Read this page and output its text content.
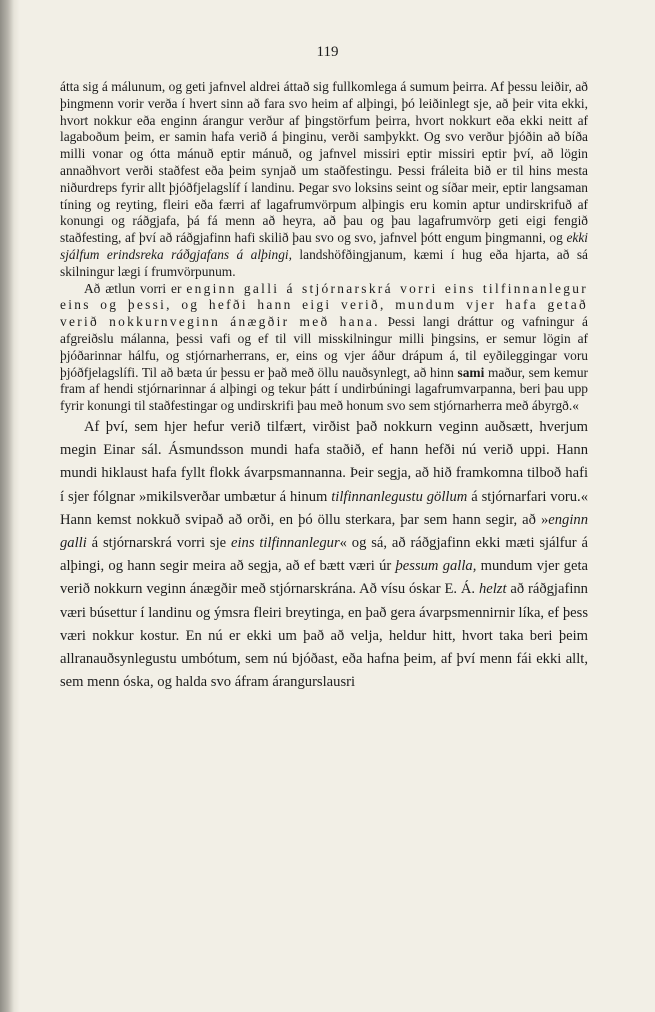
119

átta sig á málunum, og geti jafnvel aldrei áttað sig fullkomlega á sumum þeirra. Af þessu leiðir, að þingmenn vorir verða í hvert sinn að fara svo heim af alþingi, þó leiðinlegt sje, að þeir vita ekki, hvort nokkur eða enginn árangur verður af þingstörfum þeirra, hvort nokkurt eða ekki neitt af lagaboðum þeim, er samin hafa verið á þinginu, verði samþykkt. Og svo verður þjóðin að bíða milli vonar og ótta mánuð eptir mánuð, og jafnvel missiri eptir missiri eptir því, að lögin annaðhvort verði staðfest eða þeim synjað um staðfestingu. Þessi fráleita bið er til hins mesta niðurdreps fyrir allt þjóðfjelagslíf í landinu. Þegar svo loksins seint og síðar meir, eptir langsaman tíning og reyting, fleiri eða færri af lagafrumvörpum alþingis eru komin aptur undirskrifuð af konungi og ráðgjafa, þá fá menn að heyra, að þau og þau lagafrumvörp geti eigi fengið staðfesting, af því að ráðgjafinn hafi skilið þau svo og svo, jafnvel þótt engum þingmanni, og ekki sjálfum erindsreka ráðgjafans á alþingi, landshöfðingjanum, kæmi í hug eða hjarta, að sá skilningur lægi í frumvörpunum.

Að ætlun vorri er enginn galli á stjórnarskrá vorri eins tilfinnanlegur eins og þessi, og hefði hann eigi verið, mundum vjer hafa getað verið nokkurnveginn ánægðir með hana. Þessi langi dráttur og vafningur á afgreiðslu málanna, þessi vafi og ef til vill misskilningur milli þingsins, er semur lögin af þjóðarinnar hálfu, og stjórnarherrans, er, eins og vjer áður drápum á, til eyðileggingar voru þjóðfjelagslífi. Til að bæta úr þessu er það með öllu nauðsynlegt, að hinn sami maður, sem kemur fram af hendi stjórnarinnar á alþingi og tekur þátt í undirbúningi lagafrumvarpanna, beri þau upp fyrir konungi til staðfestingar og undirskrifi þau með honum svo sem stjórnarherra með ábyrgð.«

Af því, sem hjer hefur verið tilfært, virðist það nokkurn veginn auðsætt, hverjum megin Einar sál. Ásmundsson mundi hafa staðið, ef hann hefði nú verið uppi. Hann mundi hiklaust hafa fyllt flokk ávarpsmannanna. Þeir segja, að hið framkomna tilboð hafi í sjer fólgnar »mikilsverðar umbætur á hinum tilfinnanlegustu göllum á stjórnarfari voru.« Hann kemst nokkuð svipað að orði, en þó öllu sterkara, þar sem hann segir, að »enginn galli á stjórnarskrá vorri sje eins tilfinnanlegur« og sá, að ráðgjafinn ekki mæti sjálfur á alþingi, og hann segir meira að segja, að ef bætt væri úr þessum galla, mundum vjer geta verið nokkurn veginn ánægðir með stjórnarskrána. Að vísu óskar E. Á. helzt að ráðgjafinn væri búsettur í landinu og ýmsra fleiri breytinga, en það gera ávarpsmennirnir líka, ef þess væri nokkur kostur. En nú er ekki um það að velja, heldur hitt, hvort taka beri þeim allranauðsynlegustu umbótum, sem nú bjóðast, eða hafna þeim, af því menn fái ekki allt, sem menn óska, og halda svo áfram árangurslausri
